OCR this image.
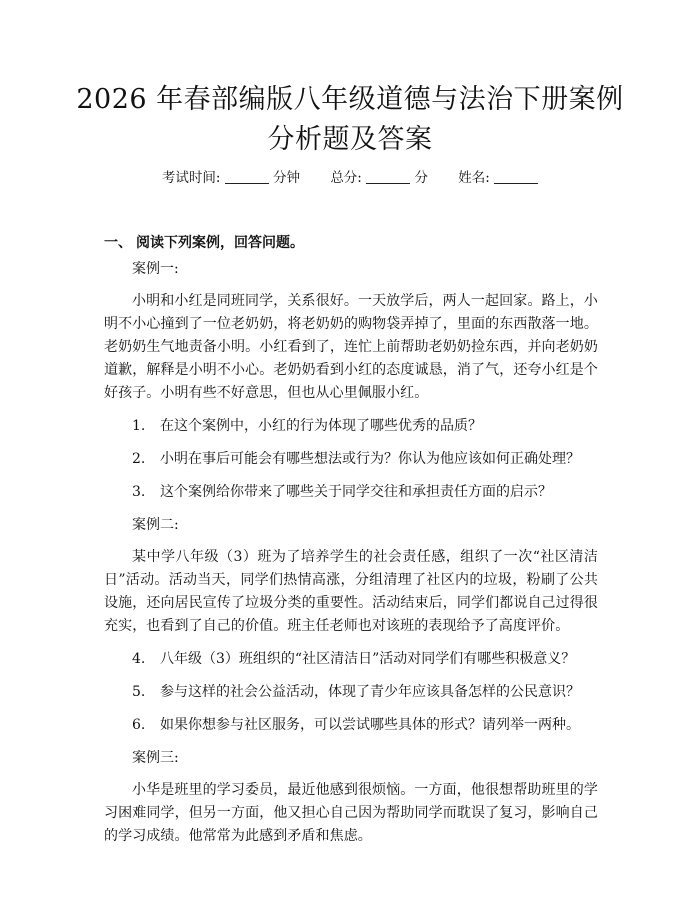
2026 年春部编版八年级道德与法治下册案例
分析题及答案
考试时间:	分钟 总分:	分 姓名:
一、 阅读下列案例，回答问题。

案例一:

小明和小红是同班同学，关系很好。一天放学后，两人一起回家。路上，小明不小心撞到了一位老奶奶，将老奶奶的购物袋弄掉了，里面的东西散落一地。老奶奶生气地责备小明。小红看到了，连忙上前帮助老奶奶捡东西，并向老奶奶道歉，解释是小明不小心。老奶奶看到小红的态度诚恳，消了气，还夸小红是个好孩子。小明有些不好意思，但也从心里佩服小红。

1.	在这个案例中，小红的行为体现了哪些优秀的品质？
2.	小明在事后可能会有哪些想法或行为？你认为他应该如何正确处理？
3.	这个案例给你带来了哪些关于同学交往和承担责任方面的启示？

案例二:

某中学八年级（3）班为了培养学生的社会责任感，组织了一次“社区清洁日”活动。活动当天，同学们热情高涨，分组清理了社区内的垃圾，粉刷了公共设施，还向居民宣传了垃圾分类的重要性。活动结束后，同学们都说自己过得很充实，也看到了自己的价值。班主任老师也对该班的表现给予了高度评价。

4.	八年级（3）班组织的“社区清洁日”活动对同学们有哪些积极意义？
5.	参与这样的社会公益活动，体现了青少年应该具备怎样的公民意识？
6.	如果你想参与社区服务，可以尝试哪些具体的形式？请列举一两种。

案例三:

小华是班里的学习委员，最近他感到很烦恼。一方面，他很想帮助班里的学习困难同学，但另一方面，他又担心自己因为帮助同学而耽误了复习，影响自己的学习成绩。他常常为此感到矛盾和焦虑。
